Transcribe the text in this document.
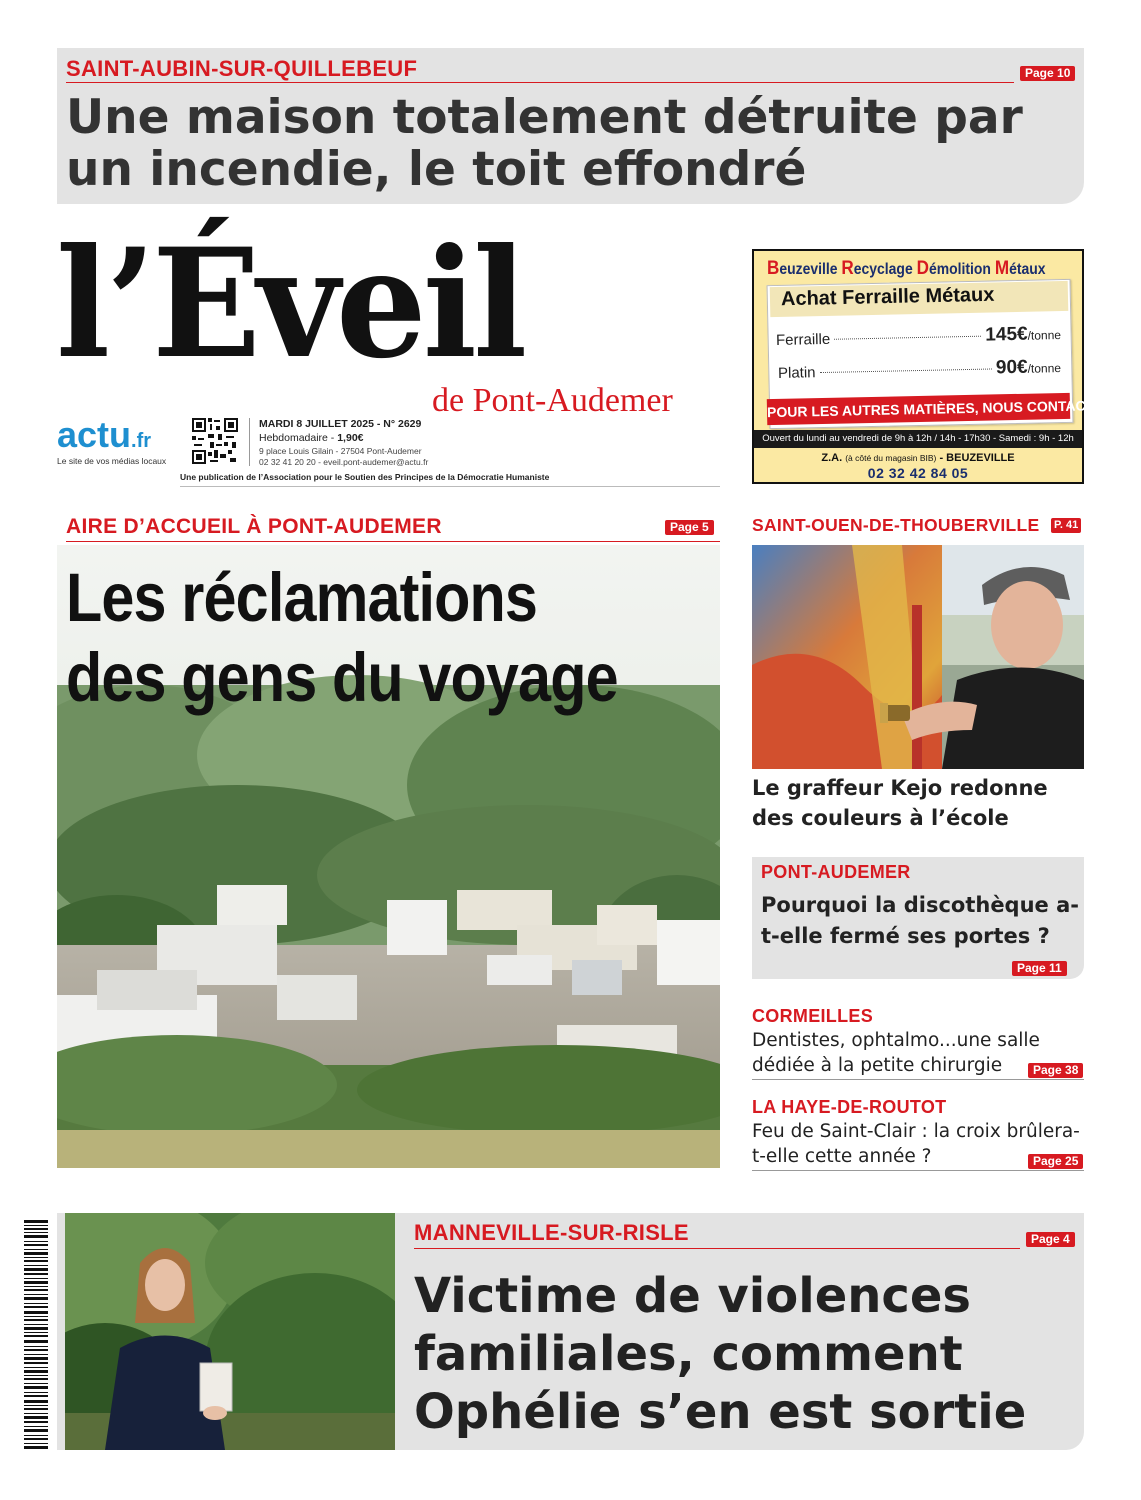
SAINT-AUBIN-SUR-QUILLEBEUF	Page 10
Une maison totalement détruite par un incendie, le toit effondré
l’Éveil
de Pont-Audemer
actu.fr
Le site de vos médias locaux
MARDI 8 JUILLET 2025 - N° 2629
Hebdomadaire - 1,90€
9 place Louis Gilain - 27504 Pont-Audemer
02 32 41 20 20 - eveil.pont-audemer@actu.fr
Une publication de l’Association pour le Soutien des Principes de la Démocratie Humaniste
Beuzeville Recyclage Démolition Métaux
Achat Ferraille Métaux
Ferraille	145€ /tonne
Platin	90€ /tonne
POUR LES AUTRES MATIÈRES, NOUS CONTACTER
Ouvert du lundi au vendredi de 9h à 12h / 14h - 17h30 - Samedi : 9h - 12h
Z.A. (à côté du magasin BIB) - BEUZEVILLE
02 32 42 84 05
AIRE D’ACCUEIL À PONT-AUDEMER	Page 5
Les réclamations
des gens du voyage
SAINT-OUEN-DE-THOUBERVILLE P. 41
Le graffeur Kejo redonne des couleurs à l’école
PONT-AUDEMER
Pourquoi la discothèque a-t-elle fermé ses portes ?
Page 11
CORMEILLES
Dentistes, ophtalmo...une salle dédiée à la petite chirurgie	Page 38
LA HAYE-DE-ROUTOT
Feu de Saint-Clair : la croix brûlera-t-elle cette année ?	Page 25
MANNEVILLE-SUR-RISLE	Page 4
Victime de violences familiales, comment Ophélie s’en est sortie
